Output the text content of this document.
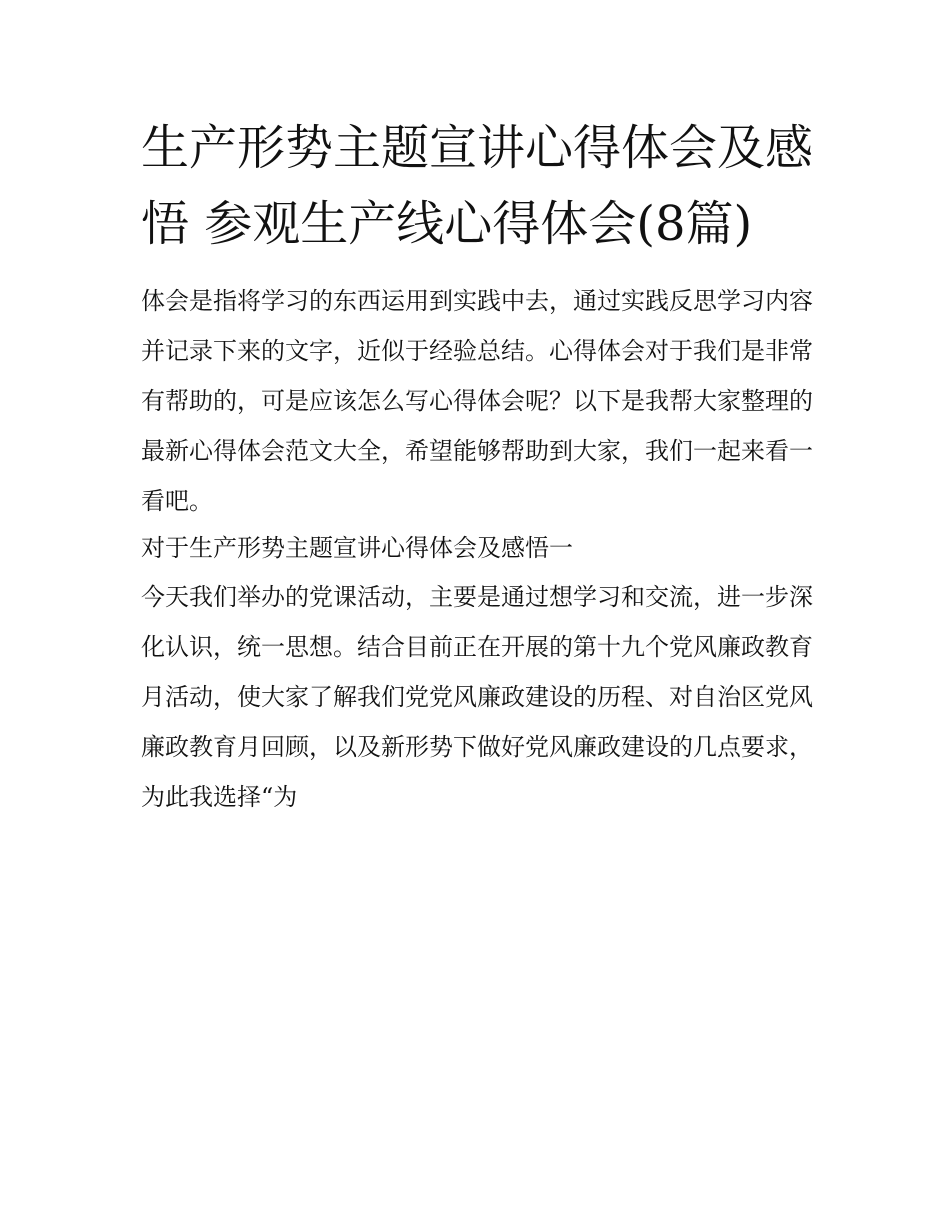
生产形势主题宣讲心得体会及感悟 参观生产线心得体会(8篇)

体会是指将学习的东西运用到实践中去，通过实践反思学习内容并记录下来的文字，近似于经验总结。心得体会对于我们是非常有帮助的，可是应该怎么写心得体会呢？以下是我帮大家整理的最新心得体会范文大全，希望能够帮助到大家，我们一起来看一看吧。

对于生产形势主题宣讲心得体会及感悟一

今天我们举办的党课活动，主要是通过想学习和交流，进一步深化认识，统一思想。结合目前正在开展的第十九个党风廉政教育月活动，使大家了解我们党党风廉政建设的历程、对自治区党风廉政教育月回顾，以及新形势下做好党风廉政建设的几点要求，为此我选择“为
